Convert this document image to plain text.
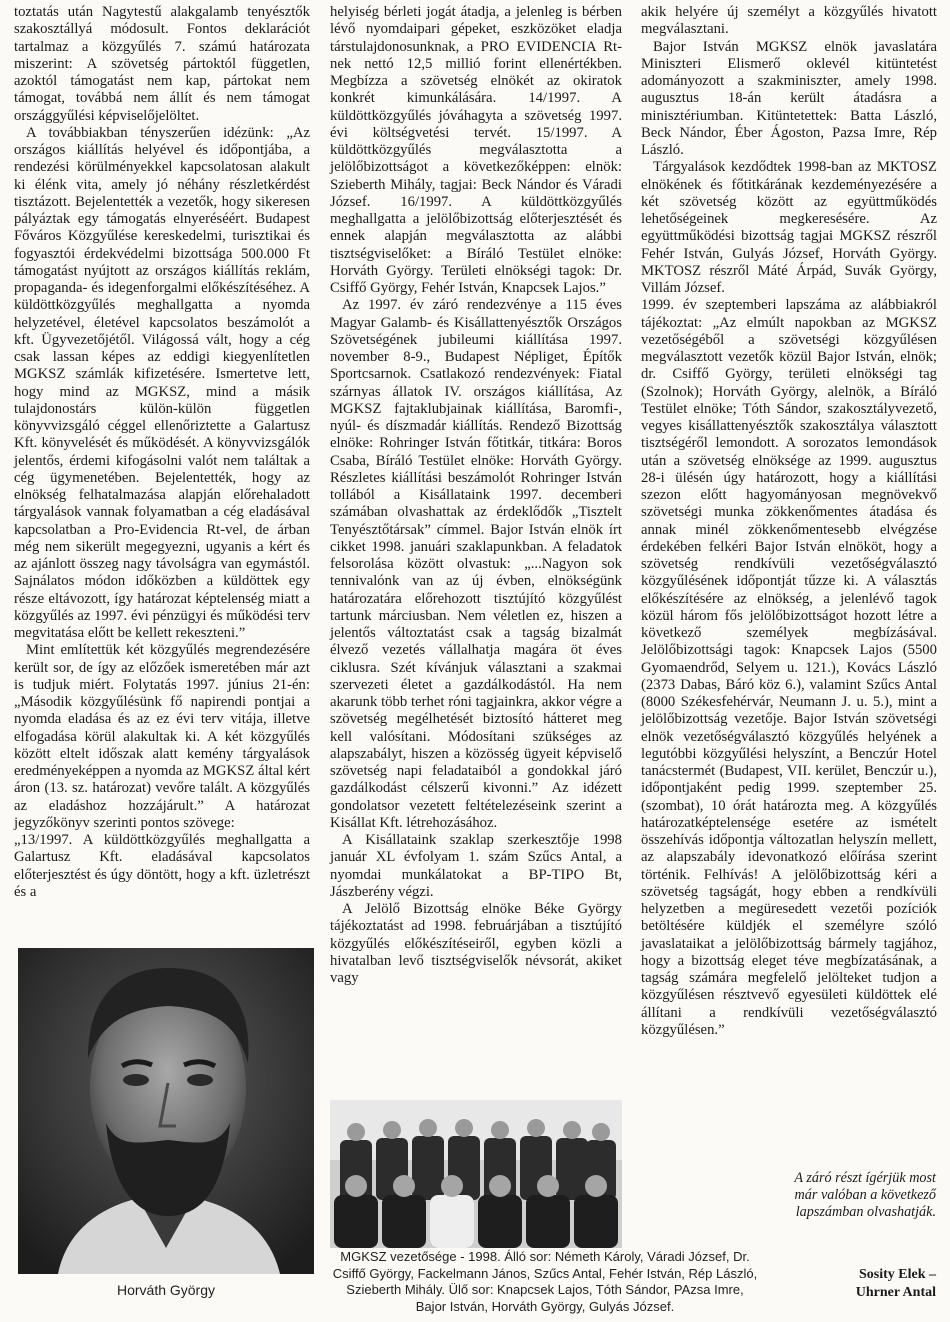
toztatás után Nagytestű alakgalamb tenyésztők szakosztállyá módosult. Fontos deklarációt tartalmaz a közgyűlés 7. számú határozata miszerint: A szövetség pártoktól független, azoktól támogatást nem kap, pártokat nem támogat, továbbá nem állít és nem támogat országgyűlési képviselőjelöltet.

A továbbiakban tényszerűen idézünk: „Az országos kiállítás helyével és időpontjába, a rendezési körülményekkel kapcsolatosan alakult ki élénk vita, amely jó néhány részletkérdést tisztázott. Bejelentették a vezetők, hogy sikeresen pályáztak egy támogatás elnyeréséért. Budapest Főváros Közgyűlése kereskedelmi, turisztikai és fogyasztói érdekvédelmi bizottsága 500.000 Ft támogatást nyújtott az országos kiállítás reklám, propaganda- és idegenforgalmi előkészítéséhez. A küldöttközgyűlés meghallgatta a nyomda helyzetével, életével kapcsolatos beszámolót a kft. Ügyvezetőjétől. Világossá vált, hogy a cég csak lassan képes az eddigi kiegyenlítetlen MGKSZ számlák kifizetésére. Ismertetve lett, hogy mind az MGKSZ, mind a másik tulajdonostárs külön-külön független könyvvizsgáló céggel ellenőriztette a Galartusz Kft. könyvelését és működését. A könyvvizsgálók jelentős, érdemi kifogásolni valót nem találtak a cég ügymenetében. Bejelentették, hogy az elnökség felhatalmazása alapján előrehaladott tárgyalások vannak folyamatban a cég eladásával kapcsolatban a Pro-Evidencia Rt-vel, de árban még nem sikerült megegyezni, ugyanis a kért és az ajánlott összeg nagy távolságra van egymástól. Sajnálatos módon időközben a küldöttek egy része eltávozott, így határozat képtelenség miatt a közgyűlés az 1997. évi pénzügyi és működési terv megvitatása előtt be kellett rekeszteni.”

Mint említettük két közgyűlés megrendezésére került sor, de így az előzőek ismeretében már azt is tudjuk miért. Folytatás 1997. június 21-én: „Második közgyűlésünk fő napirendi pontjai a nyomda eladása és az ez évi terv vitája, illetve elfogadása körül alakultak ki. A két közgyűlés között eltelt időszak alatt kemény tárgyalások eredményeképpen a nyomda az MGKSZ által kért áron (13. sz. határozat) vevőre talált. A közgyűlés az eladáshoz hozzájárult.” A határozat jegyzőkönyv szerinti pontos szövege:

„13/1997. A küldöttközgyűlés meghallgatta a Galartusz Kft. eladásával kapcsolatos előterjesztést és úgy döntött, hogy a kft. üzletrészt és a

helyiség bérleti jogát átadja, a jelenleg is bérben lévő nyomdaipari gépeket, eszközöket eladja társtulajdonosunknak, a PRO EVIDENCIA Rt-nek nettó 12,5 millió forint ellenértékben. Megbízza a szövetség elnökét az okiratok konkrét kimunkálására. 14/1997. A küldöttközgyűlés jóváhagyta a szövetség 1997. évi költségvetési tervét. 15/1997. A küldöttközgyűlés megválasztotta a jelölőbizottságot a következőképpen: elnök: Szieberth Mihály, tagjai: Beck Nándor és Váradi József. 16/1997. A küldöttközgyűlés meghallgatta a jelölőbizottság előterjesztését és ennek alapján megválasztotta az alábbi tisztségviselőket: a Bíráló Testület elnöke: Horváth György. Területi elnökségi tagok: Dr. Csiffő György, Fehér István, Knapcsek Lajos.”

Az 1997. év záró rendezvénye a 115 éves Magyar Galamb- és Kisállattenyésztők Országos Szövetségének jubileumi kiállítása 1997. november 8-9., Budapest Népliget, Építők Sportcsarnok. Csatlakozó rendezvények: Fiatal szárnyas állatok IV. országos kiállítása, Az MGKSZ fajtaklubjainak kiállítása, Baromfi-, nyúl- és díszmadár kiállítás. Rendező Bizottság elnöke: Rohringer István főtitkár, titkára: Boros Csaba, Bíráló Testület elnöke: Horváth György. Részletes kiállítási beszámolót Rohringer István tollából a Kisállataink 1997. decemberi számában olvashattak az érdeklődők „Tisztelt Tenyésztőtársak” címmel. Bajor István elnök írt cikket 1998. januári szaklapunkban. A feladatok felsorolása között olvastuk: „...Nagyon sok tennivalónk van az új évben, elnökségünk határozatára előrehozott tisztújító közgyűlést tartunk márciusban. Nem véletlen ez, hiszen a jelentős változtatást csak a tagság bizalmát élvező vezetés vállalhatja magára öt éves ciklusra. Szét kívánjuk választani a szakmai szervezeti életet a gazdálkodástól. Ha nem akarunk több terhet róni tagjainkra, akkor végre a szövetség megélhetését biztosító hátteret meg kell valósítani. Módosítani szükséges az alapszabályt, hiszen a közösség ügyeit képviselő szövetség napi feladataiból a gondokkal járó gazdálkodást célszerű kivonni.” Az idézett gondolatsor vezetett feltételezéseink szerint a Kisállat Kft. létrehozásához.

A Kisállataink szaklap szerkesztője 1998 január XL évfolyam 1. szám Szűcs Antal, a nyomdai munkálatokat a BP-TIPO Bt, Jászberény végzi.

A Jelölő Bizottság elnöke Béke György tájékoztatást ad 1998. februárjában a tisztújító közgyűlés előkészítéseiről, egyben közli a hivatalban levő tisztségviselők névsorát, akiket vagy

akik helyére új személyt a közgyűlés hivatott megválasztani.

Bajor István MGKSZ elnök javaslatára Miniszteri Elismerő oklevél kitüntetést adományozott a szakminiszter, amely 1998. augusztus 18-án került átadásra a minisztériumban. Kitüntetettek: Batta László, Beck Nándor, Éber Ágoston, Pazsa Imre, Rép László.

Tárgyalások kezdődtek 1998-ban az MKTOSZ elnökének és főtitkárának kezdeményezésére a két szövetség között az együttműködés lehetőségeinek megkeresésére. Az együttműködési bizottság tagjai MGKSZ részről Fehér István, Gulyás József, Horváth György. MKTOSZ részről Máté Árpád, Suvák György, Villám József.

1999. év szeptemberi lapszáma az alábbiakról tájékoztat: „Az elmúlt napokban az MGKSZ vezetőségéből a szövetségi közgyűlésen megválasztott vezetők közül Bajor István, elnök; dr. Csiffő György, területi elnökségi tag (Szolnok); Horváth György, alelnök, a Bíráló Testület elnöke; Tóth Sándor, szakosztályvezető, vegyes kisállattenyésztők szakosztálya választott tisztségéről lemondott. A sorozatos lemondások után a szövetség elnöksége az 1999. augusztus 28-i ülésén úgy határozott, hogy a kiállítási szezon előtt hagyományosan megnövekvő szövetségi munka zökkenőmentes átadása és annak minél zökkenőmentesebb elvégzése érdekében felkéri Bajor István elnököt, hogy a szövetség rendkívüli vezetőségválasztó közgyűlésének időpontját tűzze ki. A választás előkészítésére az elnökség, a jelenlévő tagok közül három fős jelölőbizottságot hozott létre a következő személyek megbízásával. Jelölőbizottsági tagok: Knapcsek Lajos (5500 Gyomaendrőd, Selyem u. 121.), Kovács László (2373 Dabas, Báró köz 6.), valamint Szűcs Antal (8000 Székesfehérvár, Neumann J. u. 5.), mint a jelölőbizottság vezetője. Bajor István szövetségi elnök vezetőségválasztó közgyűlés helyének a legutóbbi közgyűlési helyszínt, a Benczúr Hotel tanácstermét (Budapest, VII. kerület, Benczúr u.), időpontjaként pedig 1999. szeptember 25. (szombat), 10 órát határozta meg. A közgyűlés határozatképtelensége esetére az ismételt összehívás időpontja változatlan helyszín mellett, az alapszabály idevonatkozó előírása szerint történik. Felhívás! A jelölőbizottság kéri a szövetség tagságát, hogy ebben a rendkívüli helyzetben a megüresedett vezetői pozíciók betöltésére küldjék el személyre szóló javaslataikat a jelölőbizottság bármely tagjához, hogy a bizottság eleget téve megbízatásának, a tagság számára megfelelő jelölteket tudjon a közgyűlésen résztvevő egyesületi küldöttek elé állítani a rendkívüli vezetőségválasztó közgyűlésen.”

Horváth György
MGKSZ vezetősége - 1998. Álló sor: Németh Károly, Váradi József, Dr. Csiffő György, Fackelmann János, Szűcs Antal, Fehér István, Rép László, Szieberth Mihály. Ülő sor: Knapcsek Lajos, Tóth Sándor, PAzsa Imre, Bajor István, Horváth György, Gulyás József.

A záró részt ígérjük most már valóban a következő lapszámban olvashatják.

Sosity Elek –
Uhrner Antal
